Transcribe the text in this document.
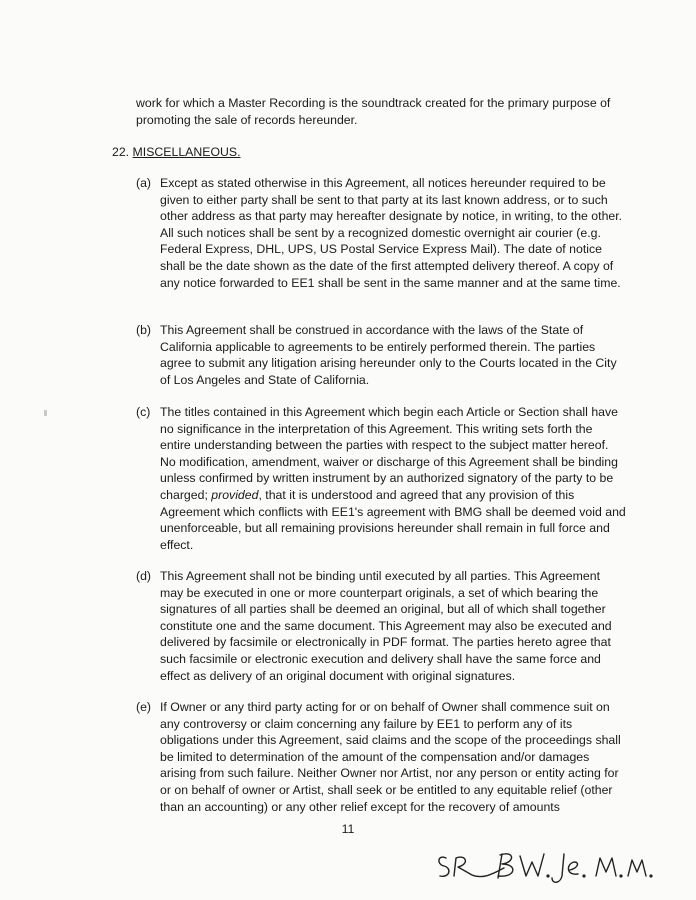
work for which a Master Recording is the soundtrack created for the primary purpose of promoting the sale of records hereunder.
22. MISCELLANEOUS.
(a) Except as stated otherwise in this Agreement, all notices hereunder required to be given to either party shall be sent to that party at its last known address, or to such other address as that party may hereafter designate by notice, in writing, to the other. All such notices shall be sent by a recognized domestic overnight air courier (e.g. Federal Express, DHL, UPS, US Postal Service Express Mail). The date of notice shall be the date shown as the date of the first attempted delivery thereof. A copy of any notice forwarded to EE1 shall be sent in the same manner and at the same time.
(b) This Agreement shall be construed in accordance with the laws of the State of California applicable to agreements to be entirely performed therein. The parties agree to submit any litigation arising hereunder only to the Courts located in the City of Los Angeles and State of California.
(c) The titles contained in this Agreement which begin each Article or Section shall have no significance in the interpretation of this Agreement. This writing sets forth the entire understanding between the parties with respect to the subject matter hereof. No modification, amendment, waiver or discharge of this Agreement shall be binding unless confirmed by written instrument by an authorized signatory of the party to be charged; provided, that it is understood and agreed that any provision of this Agreement which conflicts with EE1's agreement with BMG shall be deemed void and unenforceable, but all remaining provisions hereunder shall remain in full force and effect.
(d) This Agreement shall not be binding until executed by all parties. This Agreement may be executed in one or more counterpart originals, a set of which bearing the signatures of all parties shall be deemed an original, but all of which shall together constitute one and the same document. This Agreement may also be executed and delivered by facsimile or electronically in PDF format. The parties hereto agree that such facsimile or electronic execution and delivery shall have the same force and effect as delivery of an original document with original signatures.
(e) If Owner or any third party acting for or on behalf of Owner shall commence suit on any controversy or claim concerning any failure by EE1 to perform any of its obligations under this Agreement, said claims and the scope of the proceedings shall be limited to determination of the amount of the compensation and/or damages arising from such failure. Neither Owner nor Artist, nor any person or entity acting for or on behalf of owner or Artist, shall seek or be entitled to any equitable relief (other than an accounting) or any other relief except for the recovery of amounts
11
